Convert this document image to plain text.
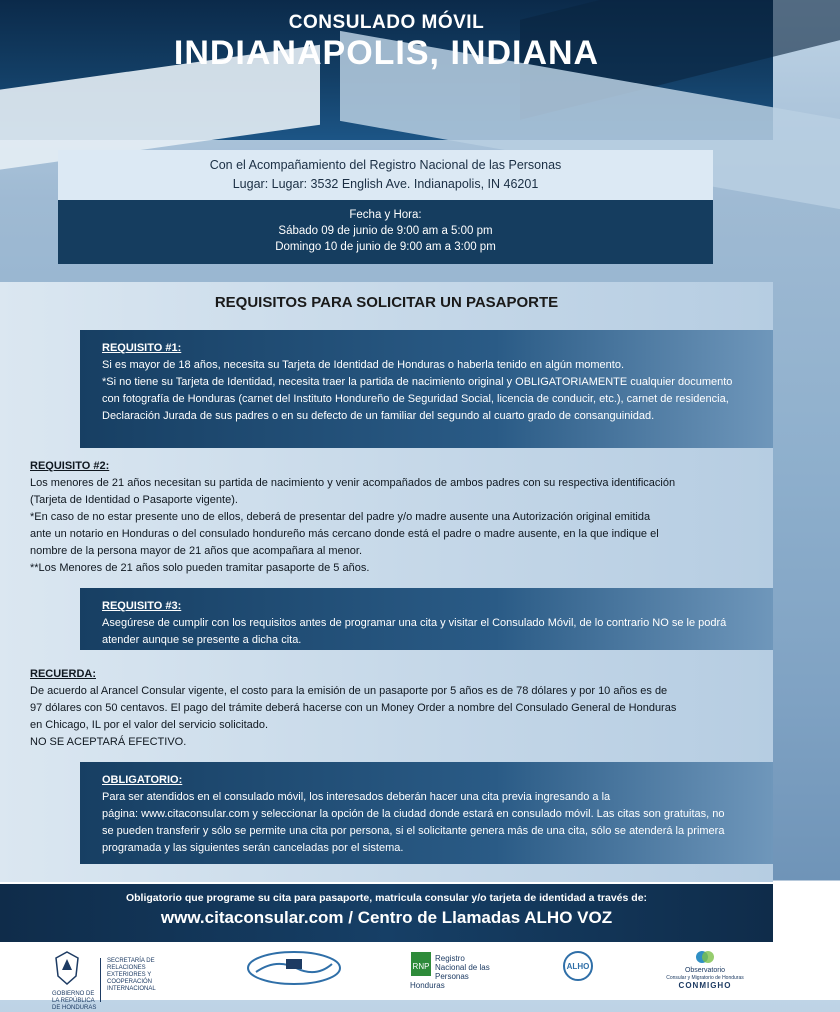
CONSULADO MÓVIL
INDIANAPOLIS, INDIANA
Con el Acompañamiento del Registro Nacional de las Personas
Lugar: Lugar: 3532 English Ave. Indianapolis, IN 46201
Fecha y Hora:
Sábado 09 de junio de 9:00 am a 5:00 pm
Domingo 10 de junio de 9:00 am a 3:00 pm
REQUISITOS PARA SOLICITAR UN PASAPORTE
REQUISITO #1:
Si es mayor de 18 años, necesita su Tarjeta de Identidad de Honduras o haberla tenido en algún momento.
*Si no tiene su Tarjeta de Identidad, necesita traer la partida de nacimiento original y OBLIGATORIAMENTE cualquier documento
con fotografía de Honduras (carnet del Instituto Hondureño de Seguridad Social, licencia de conducir, etc.), carnet de residencia,
Declaración Jurada de sus padres o en su defecto de un familiar del segundo al cuarto grado de consanguinidad.
REQUISITO #2:
Los menores de 21 años necesitan su partida de nacimiento y venir acompañados de ambos padres con su respectiva identificación
(Tarjeta de Identidad o Pasaporte vigente).
*En caso de no estar presente uno de ellos, deberá de presentar del padre y/o madre ausente una Autorización original emitida
ante un notario en Honduras o del consulado hondureño más cercano donde está el padre o madre ausente, en la que indique el
nombre de la persona mayor de 21 años que acompañara al menor.
**Los Menores de 21 años solo pueden tramitar pasaporte de 5 años.
REQUISITO #3:
Asegúrese de cumplir con los requisitos antes de programar una cita y visitar el Consulado Móvil, de lo contrario NO se le podrá
atender aunque se presente a dicha cita.
RECUERDA:
De acuerdo al Arancel Consular vigente, el costo para la emisión de un pasaporte por 5 años es de 78 dólares y por 10 años es de
97 dólares con 50 centavos. El pago del trámite deberá hacerse con un Money Order a nombre del Consulado General de Honduras
en Chicago, IL por el valor del servicio solicitado.
NO SE ACEPTARÁ EFECTIVO.
OBLIGATORIO:
Para ser atendidos en el consulado móvil, los interesados deberán hacer una cita previa ingresando a la
página: www.citaconsular.com y seleccionar la opción de la ciudad donde estará en consulado móvil. Las citas son gratuitas, no
se pueden transferir y sólo se permite una cita por persona, si el solicitante genera más de una cita, sólo se atenderá la primera
programada y las siguientes serán canceladas por el sistema.
Obligatorio que programe su cita para pasaporte, matricula consular y/o tarjeta de identidad a través de:
www.citaconsular.com / Centro de Llamadas ALHO VOZ
GOBIERNO DE LA REPÚBLICA DE HONDURAS
SECRETARÍA DE RELACIONES EXTERIORES Y COOPERACIÓN INTERNACIONAL
RNP
Registro Nacional de las Personas Honduras
ALHO	Observatorio
Consular y Migratorio de Honduras
CONMIGHO
